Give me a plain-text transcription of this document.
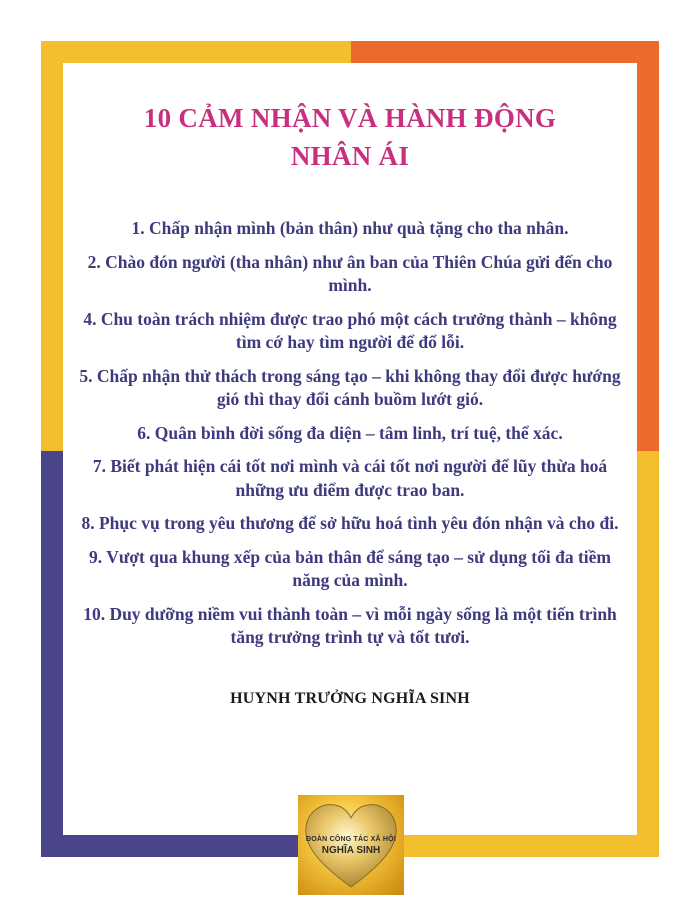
10 CẢM NHẬN VÀ HÀNH ĐỘNG
NHÂN ÁI
1. Chấp nhận mình (bản thân) như quà tặng cho tha nhân.
2. Chào đón người (tha nhân) như ân ban của Thiên Chúa gửi đến cho mình.
4. Chu toàn trách nhiệm được trao phó một cách trưởng thành – không tìm cớ hay tìm người để đổ lỗi.
5. Chấp nhận thử thách trong sáng tạo – khi không thay đổi được hướng gió thì thay đổi cánh buồm lướt gió.
6. Quân bình đời sống đa diện – tâm linh, trí tuệ, thể xác.
7. Biết phát hiện cái tốt nơi mình và cái tốt nơi người để lũy thừa hoá những ưu điểm được trao ban.
8. Phục vụ trong yêu thương để sở hữu hoá tình yêu đón nhận và cho đi.
9. Vượt qua khung xếp của bản thân để sáng tạo – sử dụng tối đa tiềm năng của mình.
10. Duy dưỡng niềm vui thành toàn – vì mỗi ngày sống là một tiến trình tăng trưởng trình tự và tốt tươi.
HUYNH TRƯỞNG NGHĨA SINH
ĐOÀN CÔNG TÁC XÃ HỘI
NGHĨA SINH
